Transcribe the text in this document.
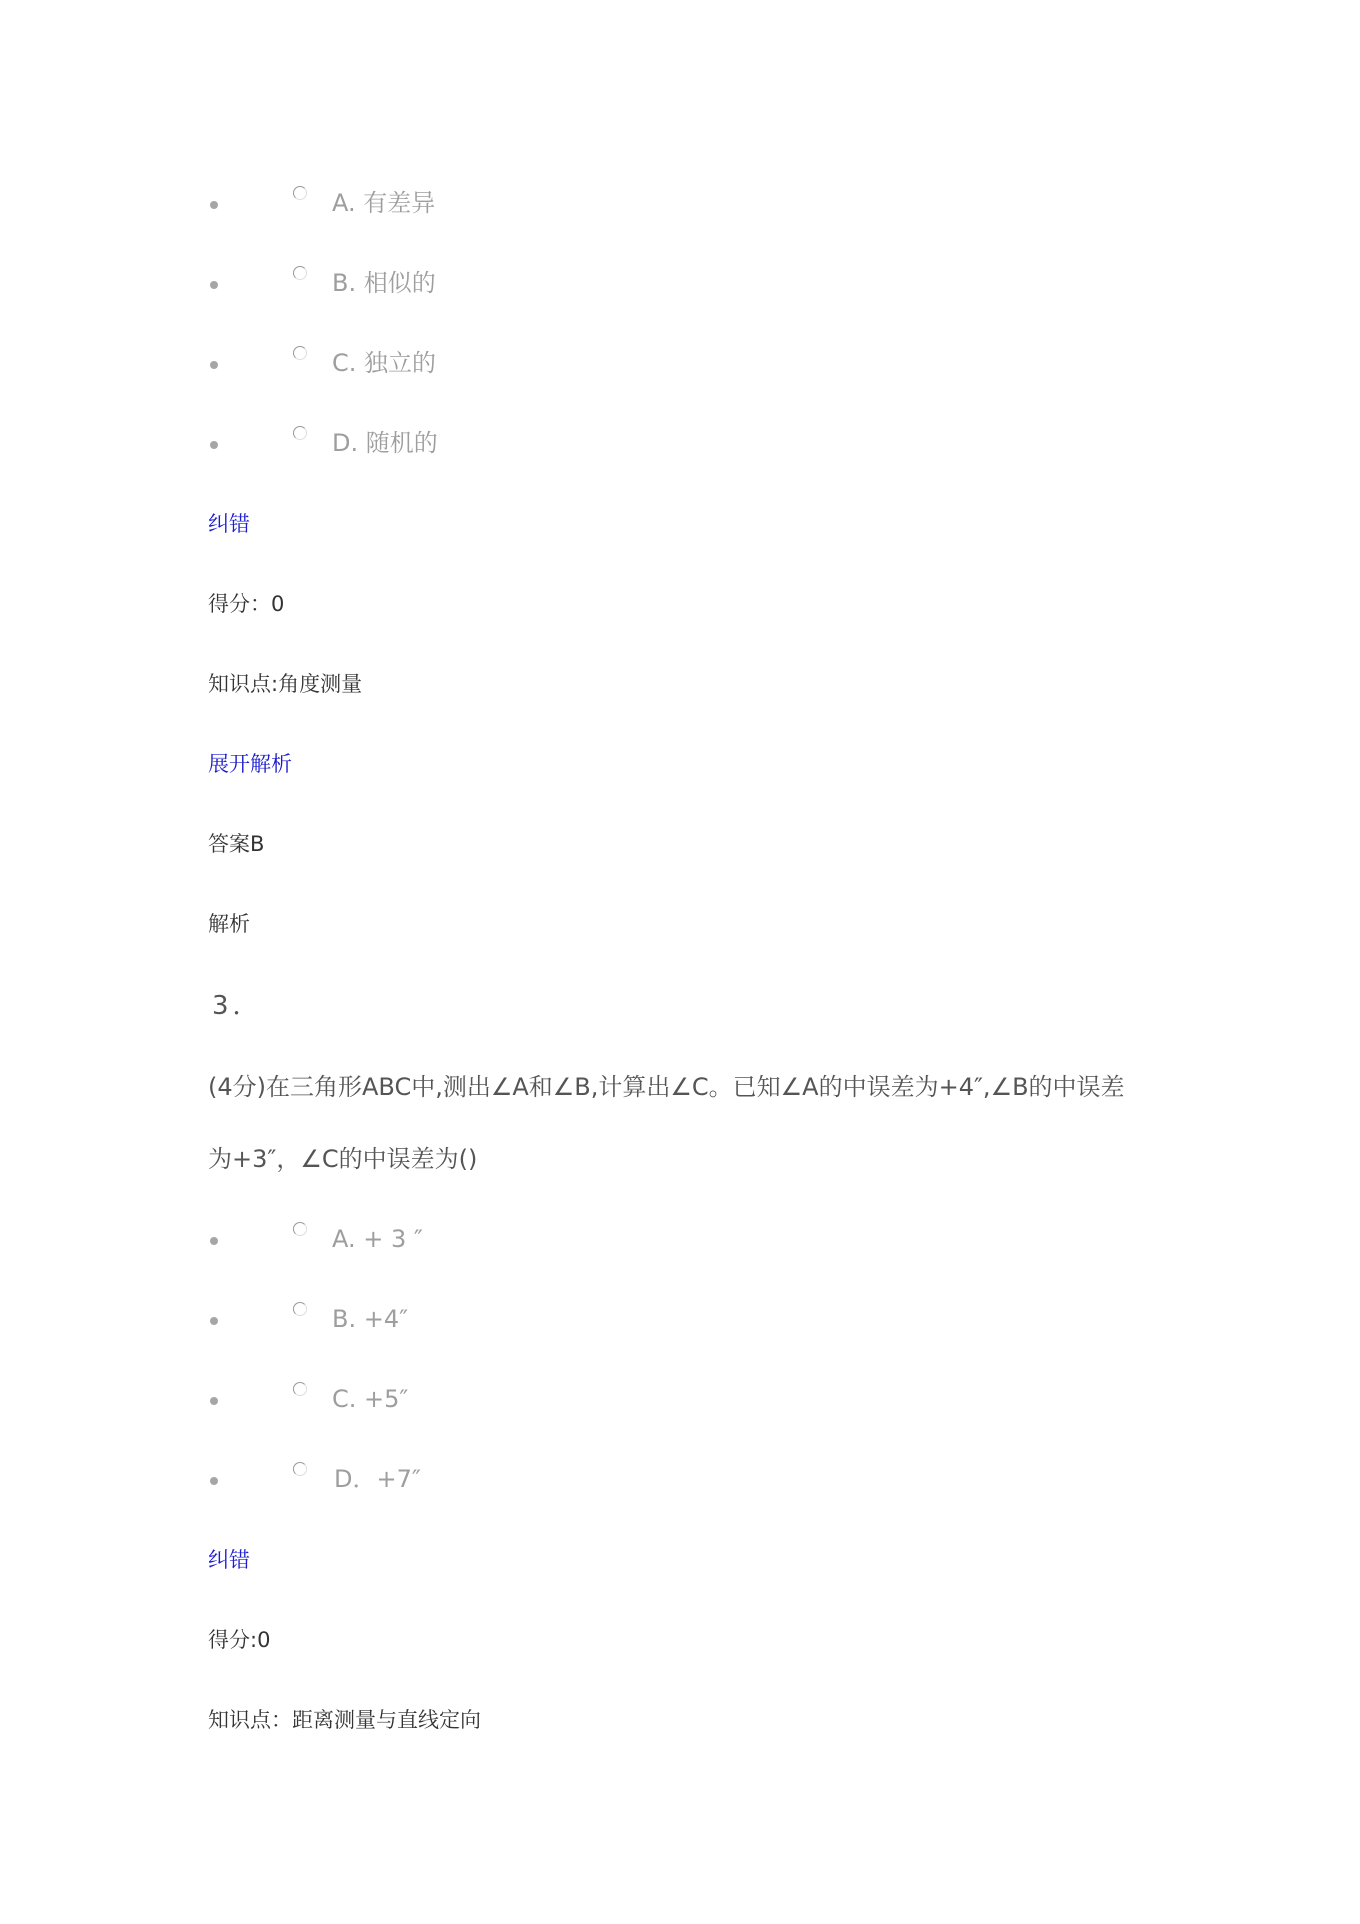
A. 有差异
B. 相似的
C. 独立的
D. 随机的
纠错
得分：0
知识点:角度测量
展开解析
答案B
解析
3．
(4分)在三角形ABC中,测出∠A和∠B,计算出∠C。已知∠A的中误差为+4″,∠B的中误差
为+3″，∠C的中误差为()
A. + 3 ″
B. +4″
C. +5″
D．+7″
纠错
得分:0
知识点：距离测量与直线定向
